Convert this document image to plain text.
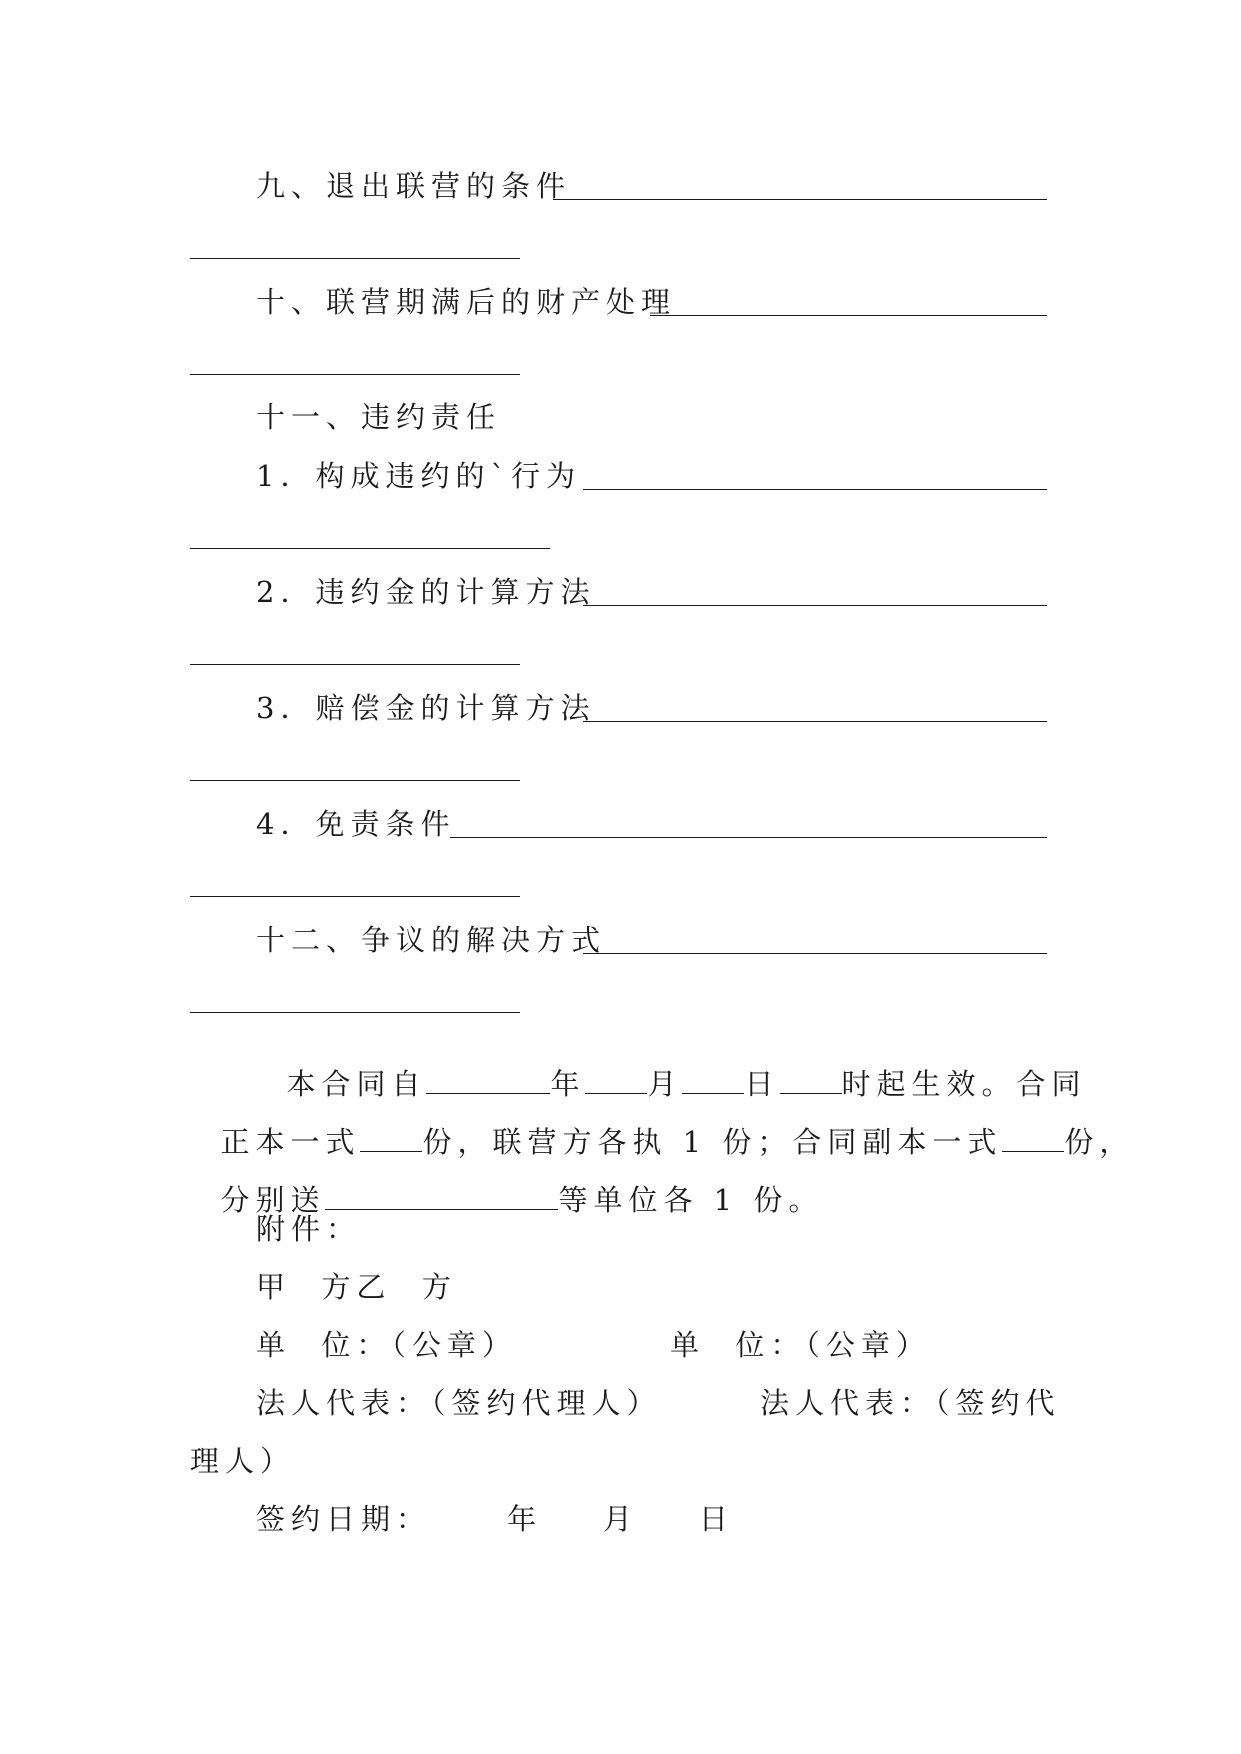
九、退出联营的条件
十、联营期满后的财产处理
十一、违约责任
1．构成违约的`行为
2．违约金的计算方法
3．赔偿金的计算方法
4．免责条件
十二、争议的解决方式

本合同自	年 月 日 时起生效。合同

正本一式 份，联营方各执 1 份；合同副本一式 份，

分别送	等单位各 1 份。

附件：
甲  方乙  方
单  位：（公章）	单  位：（公章）
法人代表：（签约代理人）	法人代表：（签约代
理人）
签约日期：     年    月    日
